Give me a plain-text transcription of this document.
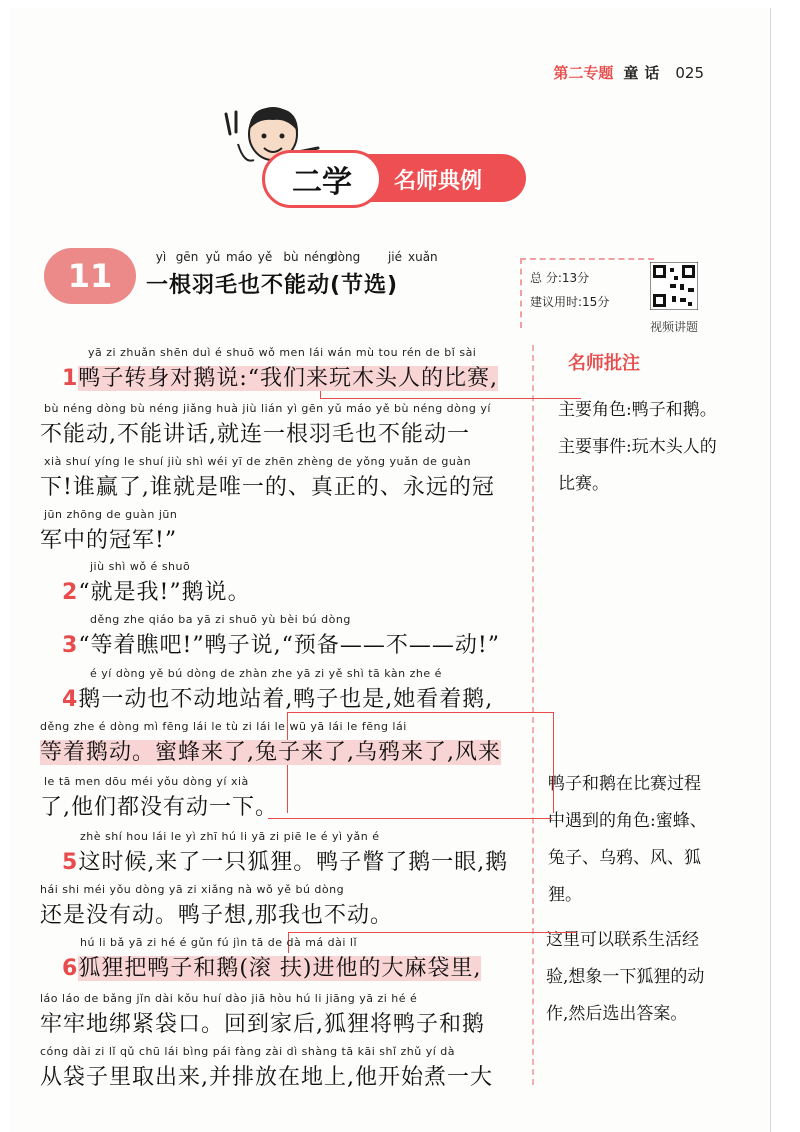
第二专题 童话 025
二学	名师典例
11	yì gēn yǔ máo yě bù néng
dòng	jié xuǎn
一根羽毛也不能动(节选)	总 分:13分
建议用时:15分
视频讲题
名师批注
主要角色:鸭子和鹅。主要事件:玩木头人的比赛。
鸭子和鹅在比赛过程中遇到的角色:蜜蜂、兔子、乌鸦、风、狐狸。
这里可以联系生活经验,想象一下狐狸的动作,然后选出答案。
yā zi zhuǎn shēn duì é shuō wǒ men lái wán mù tou rén de bǐ sài
1鸭子转身对鹅说:“我们来玩木头人的比赛,
bù néng dòng bù néng jiǎng huà jiù lián yì gēn yǔ máo yě bù néng dòng yí
不能动,不能讲话,就连一根羽毛也不能动一
xià shuí yíng le shuí jiù shì wéi yī de zhēn zhèng de yǒng yuǎn de guàn
下!谁赢了,谁就是唯一的、真正的、永远的冠
jūn zhōng de guàn jūn
军中的冠军!”
jiù shì wǒ é shuō
2“就是我!”鹅说。
děng zhe qiáo ba yā zi shuō yù bèi bú dòng
3“等着瞧吧!”鸭子说,“预备——不——动!”
é yí dòng yě bú dòng de zhàn zhe yā zi yě shì tā kàn zhe é
4鹅一动也不动地站着,鸭子也是,她看着鹅,
děng zhe é dòng mì fēng lái le tù zi lái le wū yā lái le fēng lái
等着鹅动。蜜蜂来了,兔子来了,乌鸦来了,风来
le tā men dōu méi yǒu dòng yí xià
了,他们都没有动一下。
zhè shí hou lái le yì zhī hú li yā zi piē le é yì yǎn é
5这时候,来了一只狐狸。鸭子瞥了鹅一眼,鹅
hái shi méi yǒu dòng yā zi xiǎng nà wǒ yě bú dòng
还是没有动。鸭子想,那我也不动。
hú li bǎ yā zi hé é gǔn fú jìn tā de dà má dài lǐ
6狐狸把鸭子和鹅(滚 扶)进他的大麻袋里,
láo láo de bǎng jǐn dài kǒu huí dào jiā hòu hú li jiāng yā zi hé é
牢牢地绑紧袋口。回到家后,狐狸将鸭子和鹅
cóng dài zi lǐ qǔ chū lái bìng pái fàng zài dì shàng tā kāi shǐ zhǔ yí dà
从袋子里取出来,并排放在地上,他开始煮一大
